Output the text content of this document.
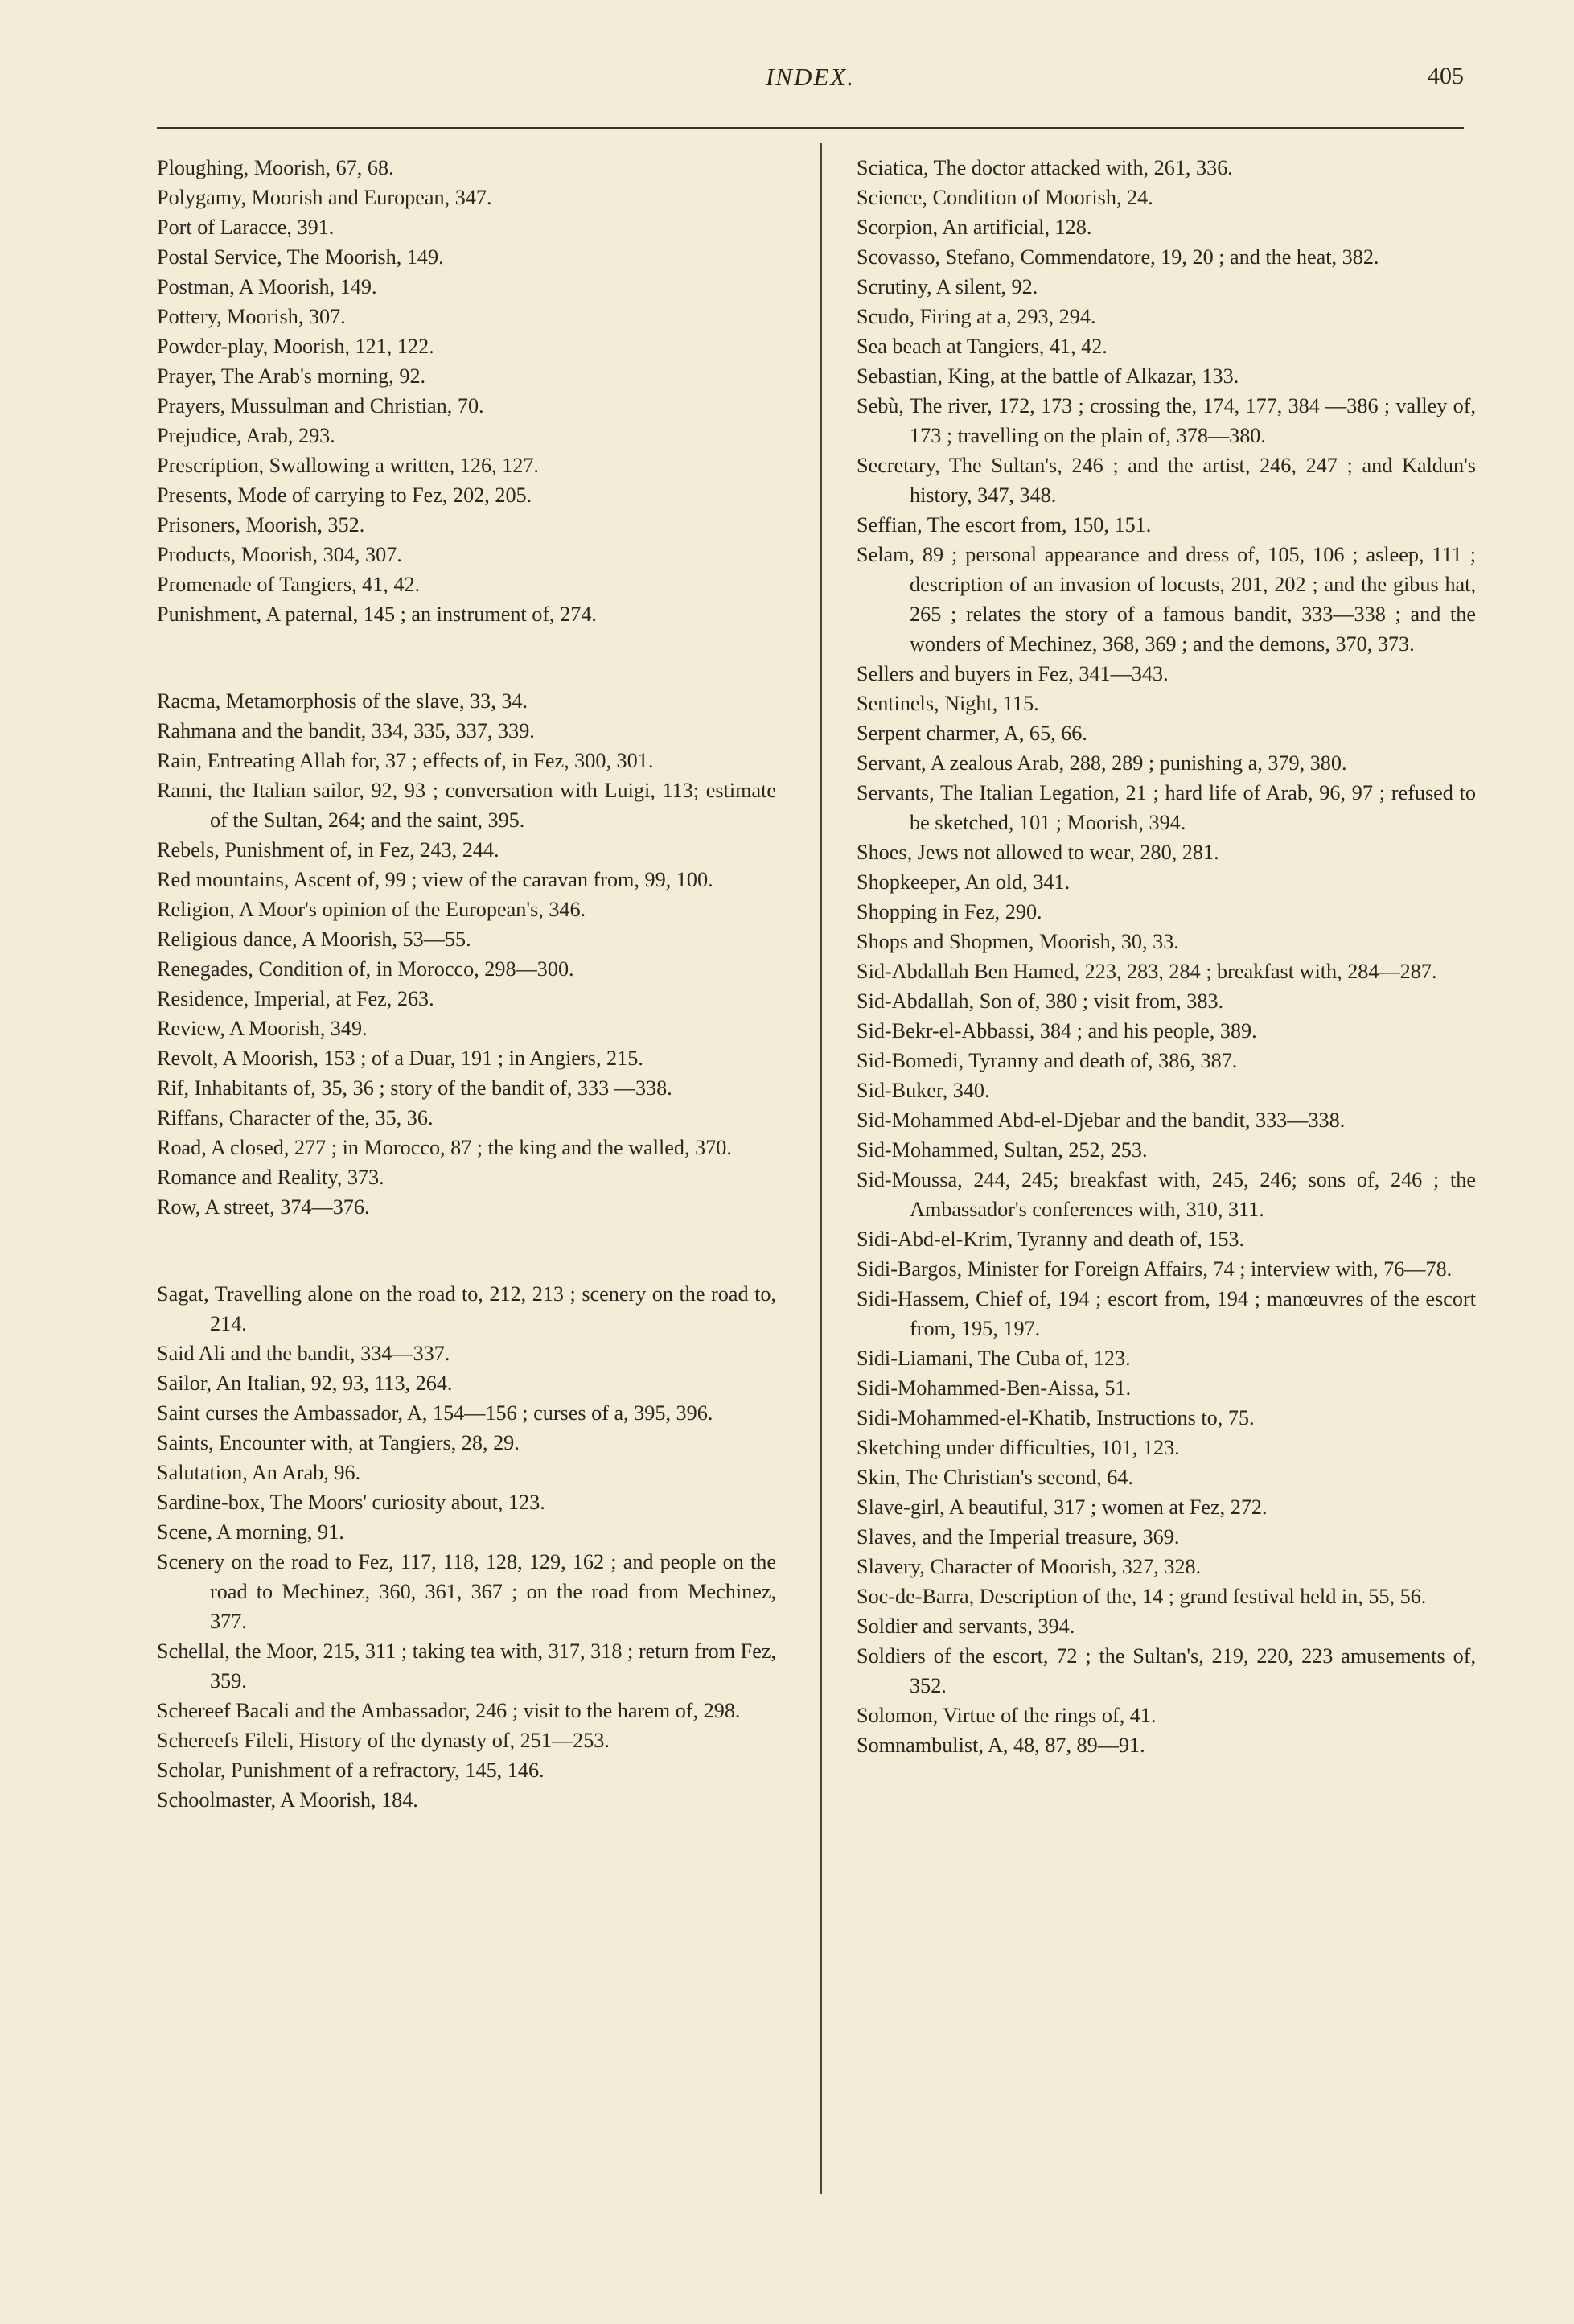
INDEX.	405

Ploughing, Moorish, 67, 68.

Polygamy, Moorish and European, 347.

Port of Laracce, 391.

Postal Service, The Moorish, 149.

Postman, A Moorish, 149.

Pottery, Moorish, 307.

Powder-play, Moorish, 121, 122.

Prayer, The Arab's morning, 92.

Prayers, Mussulman and Christian, 70.

Prejudice, Arab, 293.

Prescription, Swallowing a written, 126, 127.

Presents, Mode of carrying to Fez, 202, 205.

Prisoners, Moorish, 352.

Products, Moorish, 304, 307.

Promenade of Tangiers, 41, 42.

Punishment, A paternal, 145 ; an instrument of, 274.

Racma, Metamorphosis of the slave, 33, 34.

Rahmana and the bandit, 334, 335, 337, 339.

Rain, Entreating Allah for, 37 ; effects of, in Fez, 300, 301.

Ranni, the Italian sailor, 92, 93 ; conversation with Luigi, 113; estimate of the Sultan, 264; and the saint, 395.

Rebels, Punishment of, in Fez, 243, 244.

Red mountains, Ascent of, 99 ; view of the caravan from, 99, 100.

Religion, A Moor's opinion of the European's, 346.

Religious dance, A Moorish, 53—55.

Renegades, Condition of, in Morocco, 298—300.

Residence, Imperial, at Fez, 263.

Review, A Moorish, 349.

Revolt, A Moorish, 153 ; of a Duar, 191 ; in Angiers, 215.

Rif, Inhabitants of, 35, 36 ; story of the bandit of, 333 —338.

Riffans, Character of the, 35, 36.

Road, A closed, 277 ; in Morocco, 87 ; the king and the walled, 370.

Romance and Reality, 373.

Row, A street, 374—376.

Sagat, Travelling alone on the road to, 212, 213 ; scenery on the road to, 214.

Said Ali and the bandit, 334—337.

Sailor, An Italian, 92, 93, 113, 264.

Saint curses the Ambassador, A, 154—156 ; curses of a, 395, 396.

Saints, Encounter with, at Tangiers, 28, 29.

Salutation, An Arab, 96.

Sardine-box, The Moors' curiosity about, 123.

Scene, A morning, 91.

Scenery on the road to Fez, 117, 118, 128, 129, 162 ; and people on the road to Mechinez, 360, 361, 367 ; on the road from Mechinez, 377.

Schellal, the Moor, 215, 311 ; taking tea with, 317, 318 ; return from Fez, 359.

Schereef Bacali and the Ambassador, 246 ; visit to the harem of, 298.

Schereefs Fileli, History of the dynasty of, 251—253.

Scholar, Punishment of a refractory, 145, 146.

Schoolmaster, A Moorish, 184.

Sciatica, The doctor attacked with, 261, 336.

Science, Condition of Moorish, 24.

Scorpion, An artificial, 128.

Scovasso, Stefano, Commendatore, 19, 20 ; and the heat, 382.

Scrutiny, A silent, 92.

Scudo, Firing at a, 293, 294.

Sea beach at Tangiers, 41, 42.

Sebastian, King, at the battle of Alkazar, 133.

Sebù, The river, 172, 173 ; crossing the, 174, 177, 384 —386 ; valley of, 173 ; travelling on the plain of, 378—380.

Secretary, The Sultan's, 246 ; and the artist, 246, 247 ; and Kaldun's history, 347, 348.

Seffian, The escort from, 150, 151.

Selam, 89 ; personal appearance and dress of, 105, 106 ; asleep, 111 ; description of an invasion of locusts, 201, 202 ; and the gibus hat, 265 ; relates the story of a famous bandit, 333—338 ; and the wonders of Mechinez, 368, 369 ; and the demons, 370, 373.

Sellers and buyers in Fez, 341—343.

Sentinels, Night, 115.

Serpent charmer, A, 65, 66.

Servant, A zealous Arab, 288, 289 ; punishing a, 379, 380.

Servants, The Italian Legation, 21 ; hard life of Arab, 96, 97 ; refused to be sketched, 101 ; Moorish, 394.

Shoes, Jews not allowed to wear, 280, 281.

Shopkeeper, An old, 341.

Shopping in Fez, 290.

Shops and Shopmen, Moorish, 30, 33.

Sid-Abdallah Ben Hamed, 223, 283, 284 ; breakfast with, 284—287.

Sid-Abdallah, Son of, 380 ; visit from, 383.

Sid-Bekr-el-Abbassi, 384 ; and his people, 389.

Sid-Bomedi, Tyranny and death of, 386, 387.

Sid-Buker, 340.

Sid-Mohammed Abd-el-Djebar and the bandit, 333—338.

Sid-Mohammed, Sultan, 252, 253.

Sid-Moussa, 244, 245; breakfast with, 245, 246; sons of, 246 ; the Ambassador's conferences with, 310, 311.

Sidi-Abd-el-Krim, Tyranny and death of, 153.

Sidi-Bargos, Minister for Foreign Affairs, 74 ; interview with, 76—78.

Sidi-Hassem, Chief of, 194 ; escort from, 194 ; manœuvres of the escort from, 195, 197.

Sidi-Liamani, The Cuba of, 123.

Sidi-Mohammed-Ben-Aissa, 51.

Sidi-Mohammed-el-Khatib, Instructions to, 75.

Sketching under difficulties, 101, 123.

Skin, The Christian's second, 64.

Slave-girl, A beautiful, 317 ; women at Fez, 272.

Slaves, and the Imperial treasure, 369.

Slavery, Character of Moorish, 327, 328.

Soc-de-Barra, Description of the, 14 ; grand festival held in, 55, 56.

Soldier and servants, 394.

Soldiers of the escort, 72 ; the Sultan's, 219, 220, 223 amusements of, 352.

Solomon, Virtue of the rings of, 41.

Somnambulist, A, 48, 87, 89—91.
